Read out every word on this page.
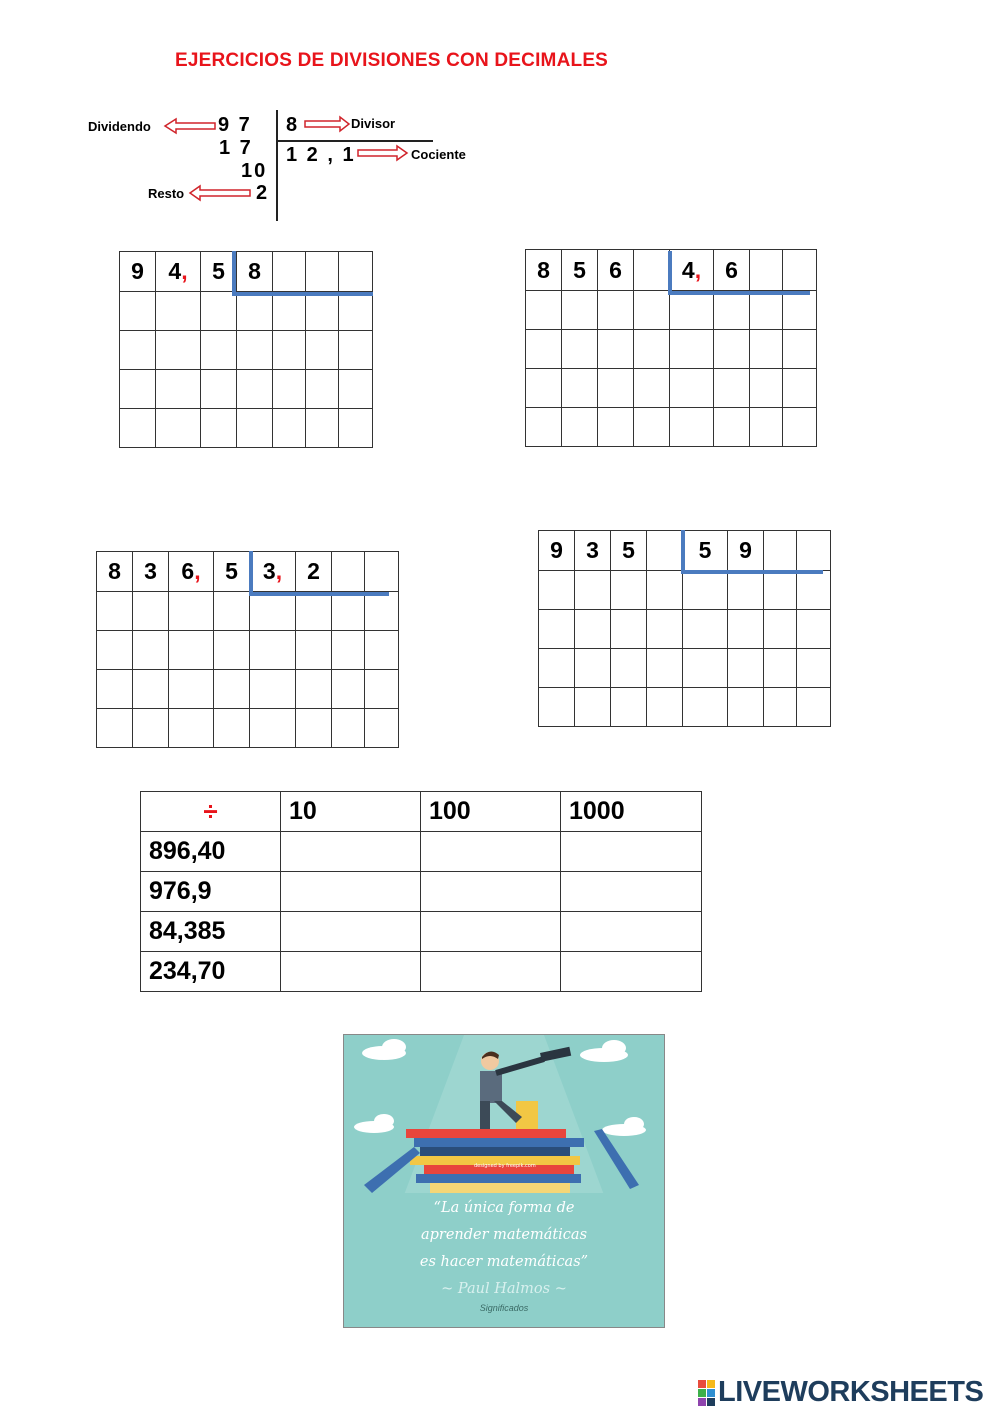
EJERCICIOS DE DIVISIONES CON DECIMALES
Dividendo	9 7 8	Divisor
1 7 1 2 , 1	Cociente
10
Resto	2
9	4,	5	8			

							8	5	6		4,	6		

8	3	6,	5	3,	2		

9	3	5		5	9		

÷	10	100	1000
896,40			
976,9			
84,385			
234,70			
designed by freepik.com
“La única forma de
aprender matemáticas
es hacer matemáticas”
~ Paul Halmos ~
Significados
LIVEWORKSHEETS
